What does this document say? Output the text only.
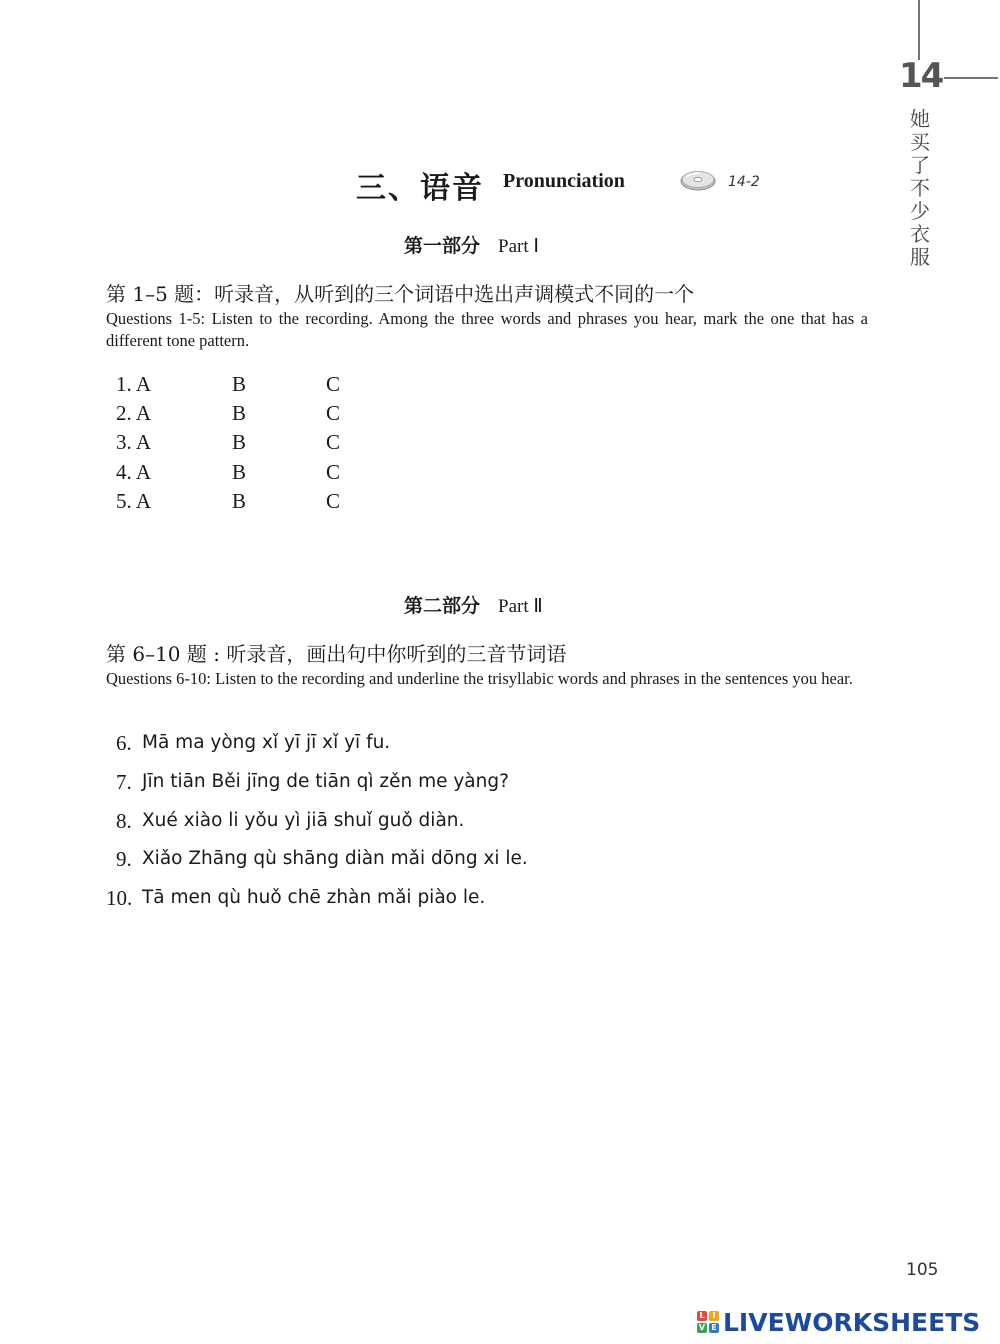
14
她买了不少衣服
三、语音 Pronunciation	14-2
第一部分 Part Ⅰ
第 1–5 题：听录音，从听到的三个词语中选出声调模式不同的一个
Questions 1-5: Listen to the recording. Among the three words and phrases you hear, mark the one that has a different tone pattern.
1. A	B	C
2. A	B	C
3. A	B	C
4. A	B	C
5. A	B	C
第二部分 Part Ⅱ
第 6–10 题 : 听录音，画出句中你听到的三音节词语
Questions 6-10: Listen to the recording and underline the trisyllabic words and phrases in the sentences you hear.
6. Mā ma yòng xǐ yī jī xǐ yī fu.
7. Jīn tiān Běi jīng de tiān qì zěn me yàng?
8. Xué xiào li yǒu yì jiā shuǐ guǒ diàn.
9. Xiǎo Zhāng qù shāng diàn mǎi dōng xi le.
10. Tā men qù huǒ chē zhàn mǎi piào le.
105
L I
V E LIVEWORKSHEETS
